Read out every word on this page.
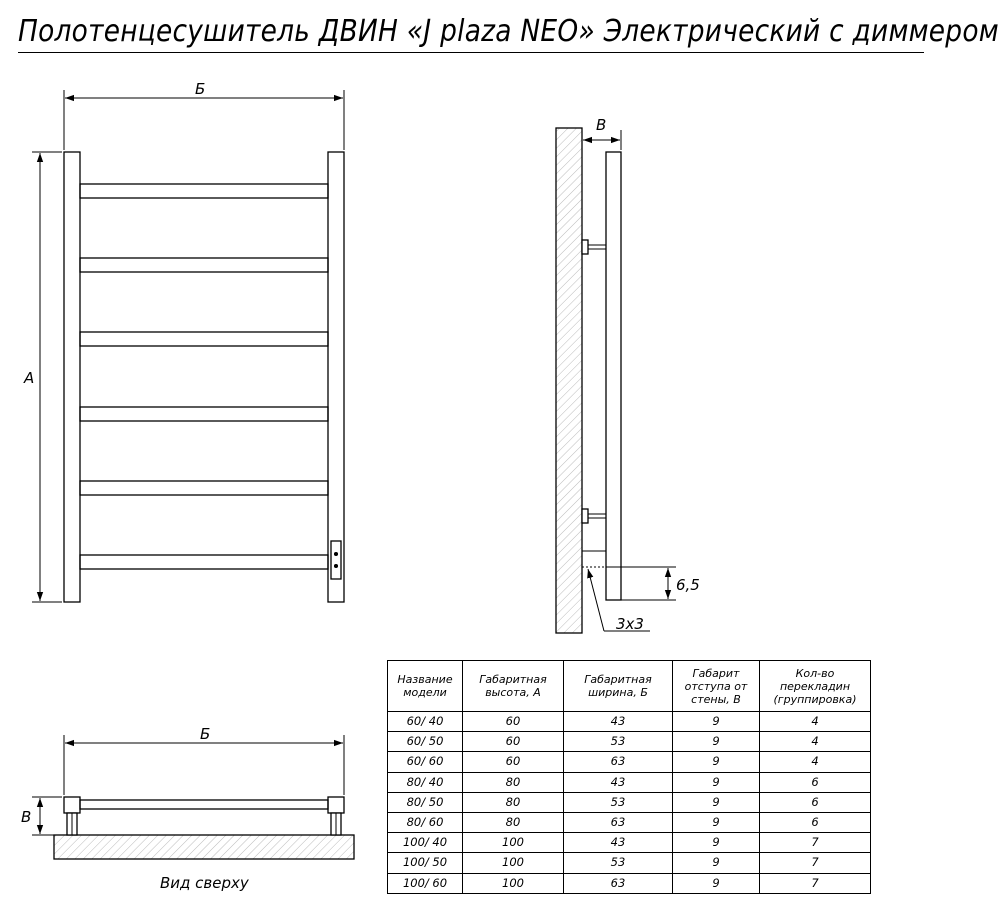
Полотенцесушитель ДВИН «J plaza NEO» Электрический с диммером
Б
А
В
6,5
3x3
Б
В
Вид сверху
Название модели	Габаритная высота, А	Габаритная ширина, Б	Габарит отступа от стены, В	Кол-во перекладин (группировка)
60/ 40	60	43	9	4
60/ 50	60	53	9	4
60/ 60	60	63	9	4
80/ 40	80	43	9	6
80/ 50	80	53	9	6
80/ 60	80	63	9	6
100/ 40	100	43	9	7
100/ 50	100	53	9	7
100/ 60	100	63	9	7
